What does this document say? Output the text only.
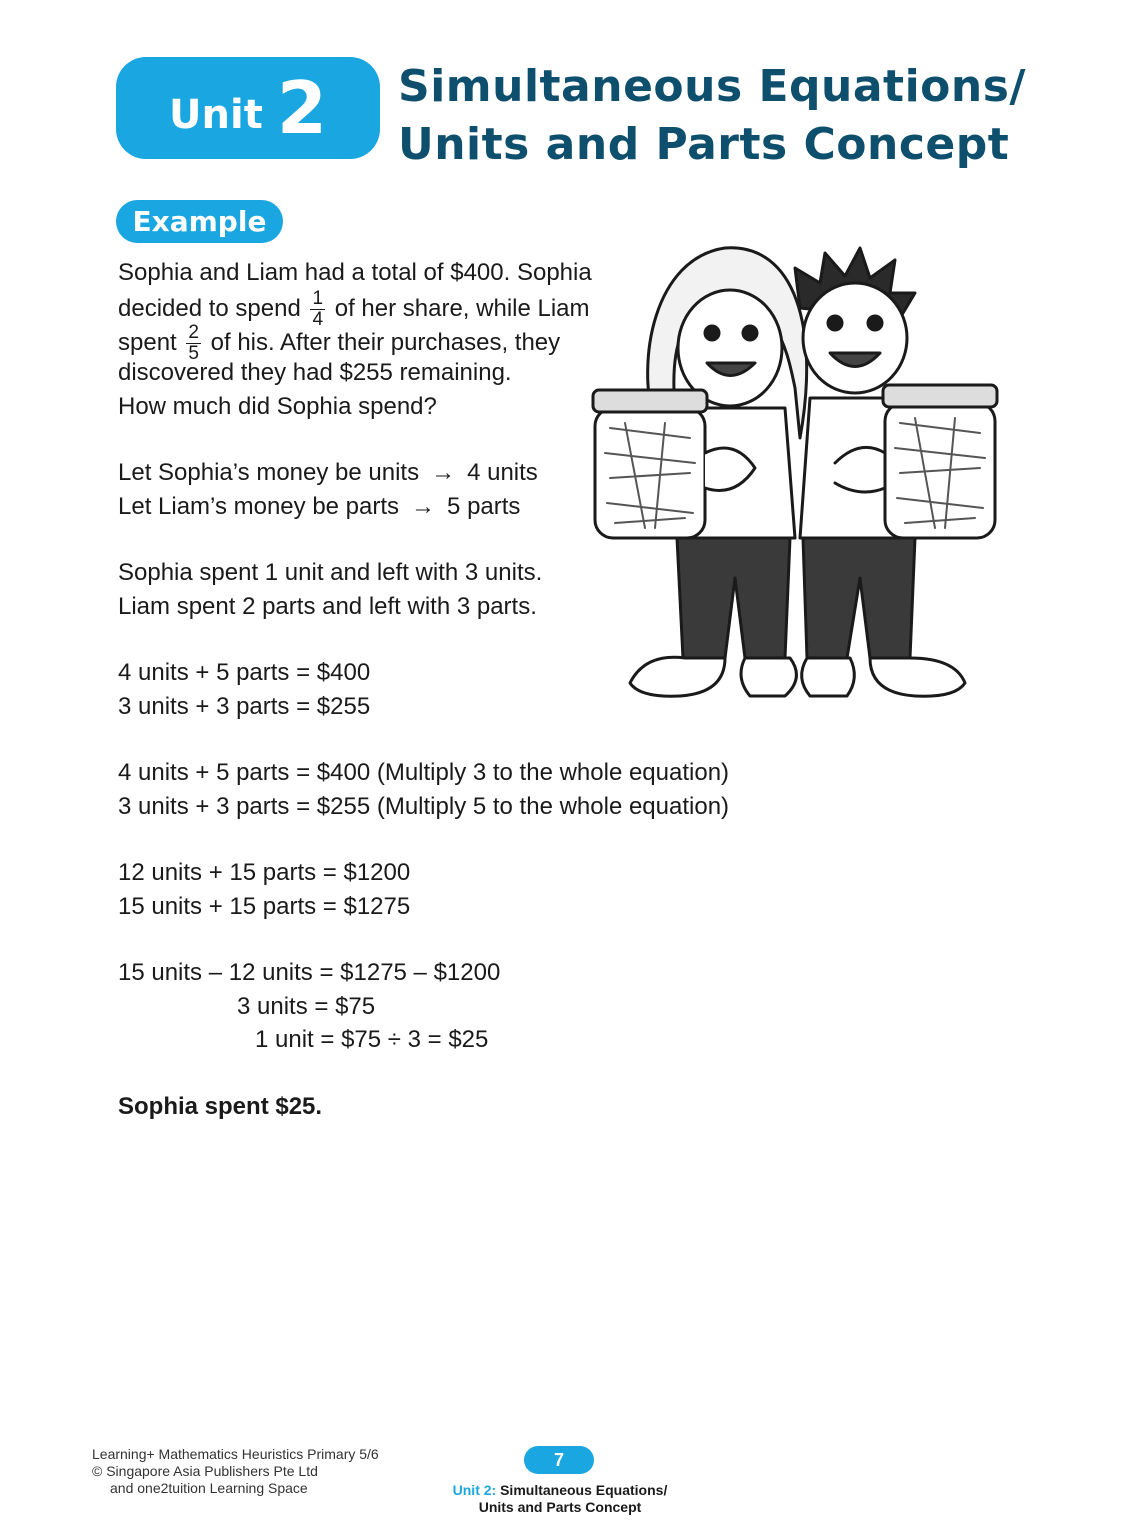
Unit 2 Simultaneous Equations/
Units and Parts Concept
Example
Sophia and Liam had a total of $400. Sophia
decided to spend $\frac{1}{4}$ of her share, while Liam
spent $\frac{2}{5}$ of his. After their purchases, they
discovered they had $255 remaining.
How much did Sophia spend?
Let Sophia’s money be units → 4 units
Let Liam’s money be parts → 5 parts
Sophia spent 1 unit and left with 3 units.
Liam spent 2 parts and left with 3 parts.
4 units + 5 parts = $400
3 units + 3 parts = $255
4 units + 5 parts = $400 (Multiply 3 to the whole equation)
3 units + 3 parts = $255 (Multiply 5 to the whole equation)
12 units + 15 parts = $1200
15 units + 15 parts = $1275
15 units – 12 units = $1275 – $1200
3 units = $75
1 unit = $75 ÷ 3 = $25
Sophia spent $25.
Learning+ Mathematics Heuristics Primary 5/6
© Singapore Asia Publishers Pte Ltd
and one2tuition Learning Space
7
Unit 2: Simultaneous Equations/
Units and Parts Concept
